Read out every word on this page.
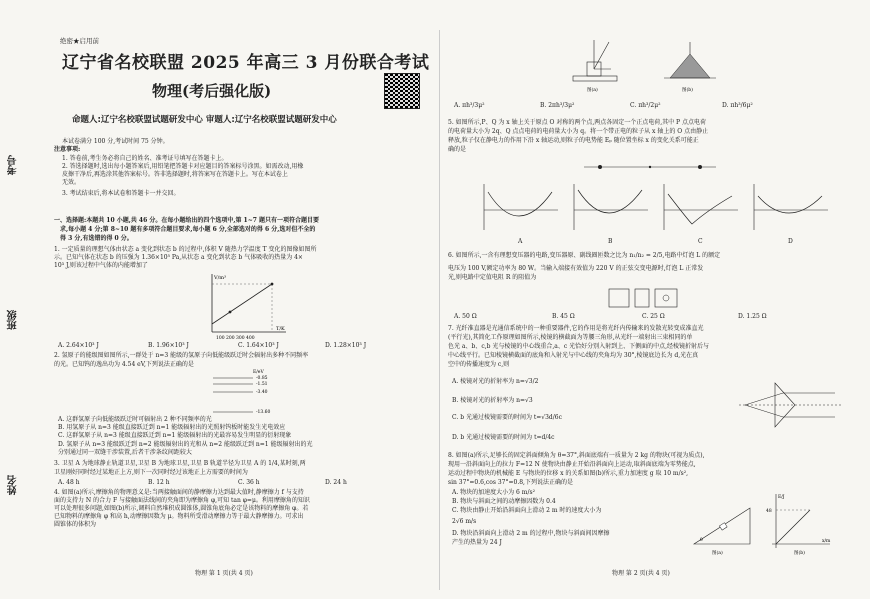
考号
班级
姓名
绝密★启用前
辽宁省名校联盟 2025 年高三 3 月份联合考试
物理(考后强化版)
命题人:辽宁名校联盟试题研发中心 审题人:辽宁名校联盟试题研发中心
本试卷满分 100 分,考试时间 75 分钟。
注意事项:
1. 答卷前,考生务必将自己的姓名、准考证号填写在答题卡上。
2. 答选择题时,选出每小题答案后,用铅笔把答题卡对应题目的答案标号涂黑。如需改动,用橡
皮擦干净后,再选涂其他答案标号。答非选择题时,将答案写在答题卡上。写在本试卷上
无效。
3. 考试结束后,将本试卷和答题卡一并交回。
一、选择题:本题共 10 小题,共 46 分。在每小题给出的四个选项中,第 1~7 题只有一项符合题目要
求,每小题 4 分;第 8~10 题有多项符合题目要求,每小题 6 分,全部选对的得 6 分,选对但不全的
得 3 分,有选错的得 0 分。
1. 一定质量的理想气体由状态 a 变化到状态 b 的过程中,体积 V 随热力学温度 T 变化的图像如图所
示。已知气体在状态 b 的压强为 1.36×10⁵ Pa,从状态 a 变化到状态 b 气体吸收的热量为 4×
10³ J,则该过程中气体的内能增加了
V/m³
T/K
100 200 300 400
A. 2.64×10³ J	B. 1.96×10³ J	C. 1.64×10³ J	D. 1.28×10³ J
2. 氢原子的能级图如图所示,一群处于 n=3 能级的氢原子向低能级跃迁时会辐射出多种不同频率
的光。已知钨的逸出功为 4.54 eV,下列说法正确的是
E/eV
-0.85
-1.51
-3.40
-13.60
A. 这群氢原子向低能级跃迁时可辐射出 2 种不同频率的光
B. 用氢原子从 n=3 能级直接跃迁到 n=1 能级辐射出的光照射钨板时能发生光电效应
C. 这群氢原子从 n=3 能级直接跃迁到 n=1 能级辐射出的光最容易发生明显的衍射现象
D. 氢原子从 n=3 能级跃迁到 n=2 能级辐射出的光和从 n=2 能级跃迁到 n=1 能级辐射出的光
分别通过同一双缝干涉装置,后者干涉条纹间距较大
3. 卫星 A 为地球静止轨道卫星,卫星 B 为地球卫星,卫星 B 轨道半径为卫星 A 的 1/4,某时刻,两
卫星刚好同时经过某地正上方,则下一次同时经过该地正上方需要的时间为
A. 48 h	B. 12 h	C. 36 h	D. 24 h
4. 如图(a)所示,摩擦角的物理意义是:当两接触面间的静摩擦力达到最大值时,静摩擦力 f 与支持
面的支持力 N 的合力 F 与接触面法线间的夹角即为摩擦角 φ,可知 tan φ=μ。利用摩擦角的知识
可以处理很多问题,如图(b)所示,调料自然堆积成圆锥体,圆锥角底角必定是该物料的摩擦角 φ。若
已知物料的摩擦角 φ 和高 h,动摩擦因数为 μ。物料所受滑动摩擦力等于最大静摩擦力。可求出
圆锥体的体积为
物理 第 1 页(共 4 页)
图(a)	图(b)
A. πh³/3μ²	B. 2πh³/3μ²	C. πh³/2μ²	D. πh³/6μ²
5. 如图所示,P、Q 为 x 轴上关于原点 O 对称的两个点,两点各固定一个正点电荷,其中 P 点点电荷
的电荷量大小为 2q、Q 点点电荷的电荷量大小为 q。将一个带正电的粒子从 x 轴上的 O 点由静止
释放,粒子仅在静电力的作用下沿 x 轴运动,则粒子的电势能 Eₚ 随位置坐标 x 的变化关系可能正
确的是
A	B	C	D
6. 如图所示,一含有理想变压器的电路,变压器原、副线圈匝数之比为 n₁/n₂ = 2/5,电路中灯泡 L 的额定
电压为 100 V,额定功率为 80 W。当输入端接有效值为 220 V 的正弦交变电源时,灯泡 L 正常发
光,则电路中定值电阻 R 的阻值为
A. 50 Ω	B. 45 Ω	C. 25 Ω	D. 1.25 Ω
7. 光纤准直器是光通信系统中的一种重要器件,它的作用是将光纤内传输来的发散光转变成准直光
(平行光),其简化工作原理如图所示,棱镜的横截面为等腰三角形,从光纤一端射出三束相同的单
色光 a、b、c,b 光与棱镜的中心线重合,a、c 光恰好分别入射到上、下侧面的中点,经棱镜折射后与
中心线平行。已知棱镜横截面的底角和入射光与中心线的夹角均为 30°,棱镜底边长为 d,光在真
空中的传播速度为 c,则
A. 棱镜对光的折射率为 n=√3/2
B. 棱镜对光的折射率为 n=√3
C. b 光通过棱镜需要的时间为 t=√3d/6c
D. b 光通过棱镜需要的时间为 t=d/4c
8. 如图(a)所示,足够长的固定斜面倾角为 θ=37°,斜面底端有一质量为 2 kg 的物块(可视为质点),
现用一沿斜面向上的拉力 F=12 N 使物块由静止开始沿斜面向上运动,取斜面底端为零势能点,
运动过程中物块的机械能 E 与物块的位移 x 的关系如图(b)所示,重力加速度 g 取 10 m/s²,
sin 37°=0.6,cos 37°=0.8,下列说法正确的是
A. 物块的加速度大小为 6 m/s²
B. 物块与斜面之间的动摩擦因数为 0.4
C. 物块由静止开始沿斜面向上滑动 2 m 时的速度大小为
2√6 m/s
D. 物块沿斜面向上滑动 2 m 的过程中,物块与斜面间因摩擦
产生的热量为 24 J	θ
图(a)
E/J
x/m
48
图(b)
物理 第 2 页(共 4 页)
